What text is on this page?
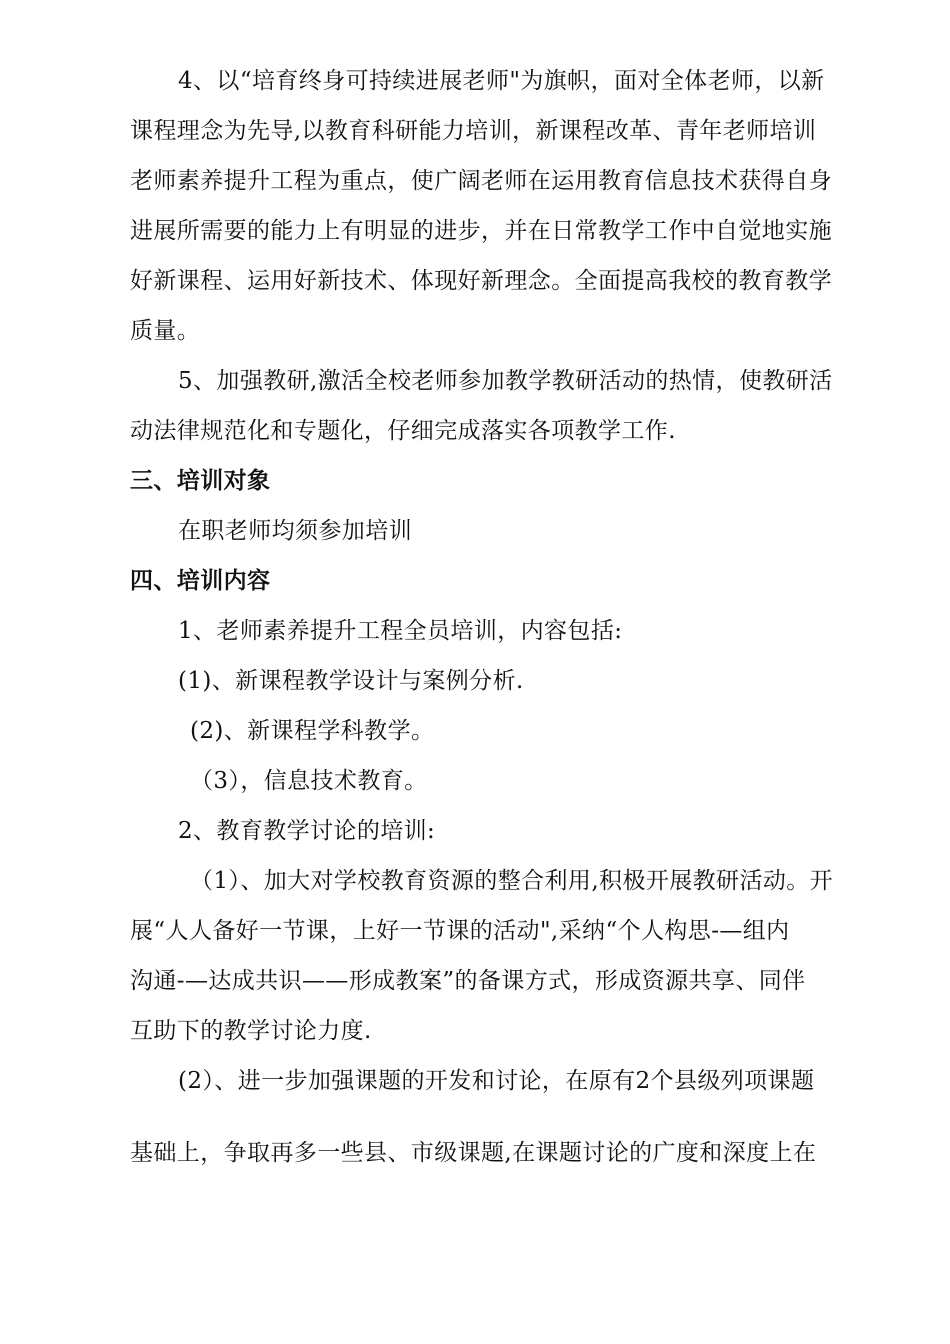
4、以“培育终身可持续进展老师"为旗帜，面对全体老师，以新
课程理念为先导,以教育科研能力培训，新课程改革、青年老师培训
老师素养提升工程为重点，使广阔老师在运用教育信息技术获得自身
进展所需要的能力上有明显的进步，并在日常教学工作中自觉地实施
好新课程、运用好新技术、体现好新理念。全面提高我校的教育教学
质量。
5、加强教研,激活全校老师参加教学教研活动的热情，使教研活
动法律规范化和专题化，仔细完成落实各项教学工作.
三、培训对象
在职老师均须参加培训
四、培训内容
1、老师素养提升工程全员培训，内容包括:
(1)、新课程教学设计与案例分析.
(2)、新课程学科教学。
（3），信息技术教育。
2、教育教学讨论的培训:
（1）、加大对学校教育资源的整合利用,积极开展教研活动。开
展“人人备好一节课，上好一节课的活动",采纳“个人构思-—组内
沟通-—达成共识——形成教案”的备课方式，形成资源共享、同伴
互助下的教学讨论力度.
(2）、进一步加强课题的开发和讨论，在原有2个县级列项课题
基础上，争取再多一些县、市级课题,在课题讨论的广度和深度上在
